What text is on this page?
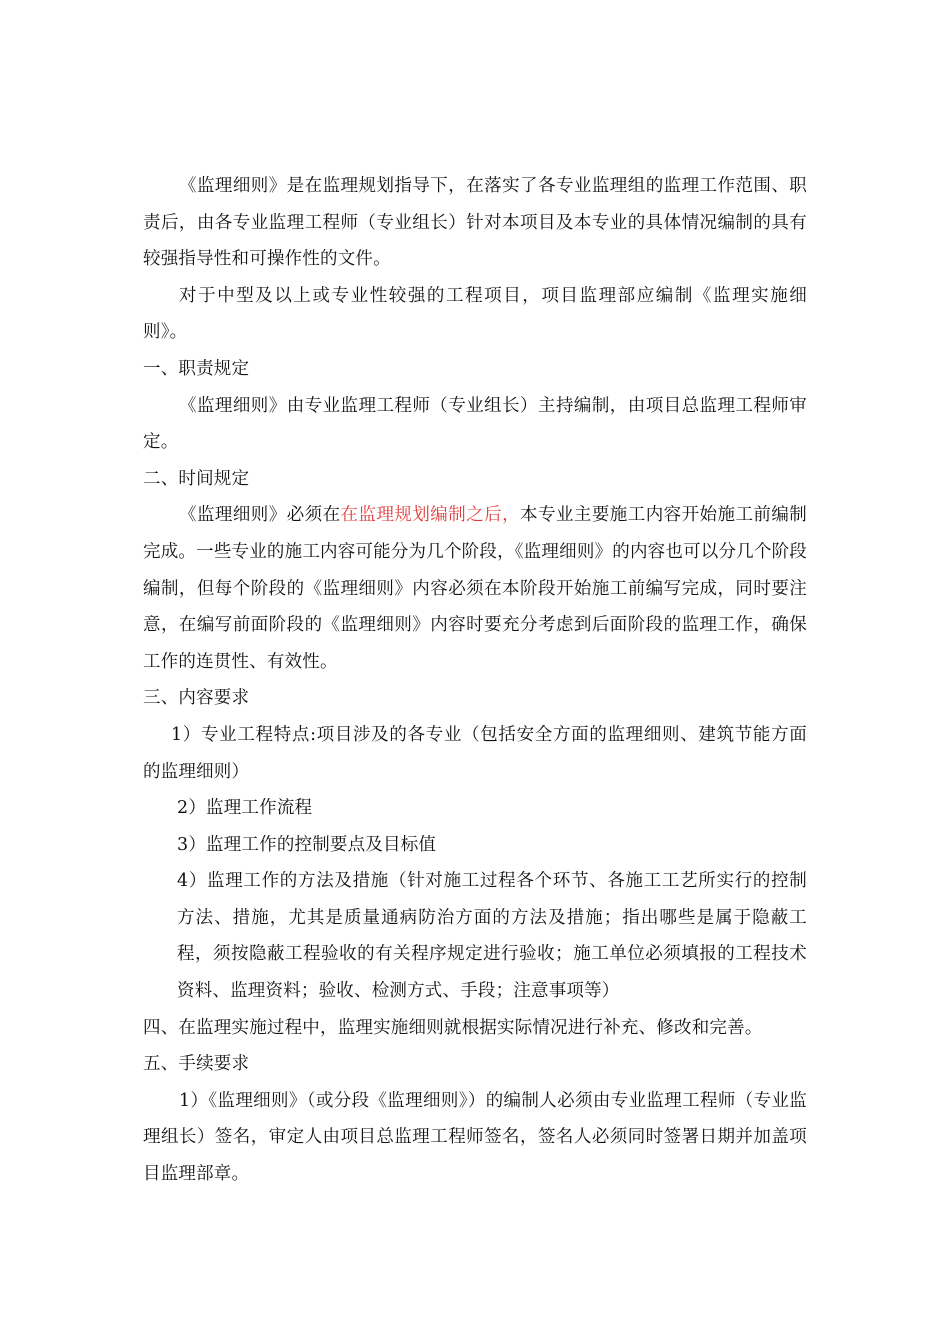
《监理细则》是在监理规划指导下，在落实了各专业监理组的监理工作范围、职责后，由各专业监理工程师（专业组长）针对本项目及本专业的具体情况编制的具有较强指导性和可操作性的文件。

对于中型及以上或专业性较强的工程项目，项目监理部应编制《监理实施细则》。

一、职责规定

《监理细则》由专业监理工程师（专业组长）主持编制，由项目总监理工程师审定。

二、时间规定

《监理细则》必须在在监理规划编制之后，本专业主要施工内容开始施工前编制完成。一些专业的施工内容可能分为几个阶段，《监理细则》的内容也可以分几个阶段编制，但每个阶段的《监理细则》内容必须在本阶段开始施工前编写完成，同时要注意，在编写前面阶段的《监理细则》内容时要充分考虑到后面阶段的监理工作，确保工作的连贯性、有效性。

三、内容要求

1）专业工程特点:项目涉及的各专业（包括安全方面的监理细则、建筑节能方面的监理细则）

2）监理工作流程

3）监理工作的控制要点及目标值

4）监理工作的方法及措施（针对施工过程各个环节、各施工工艺所实行的控制方法、措施，尤其是质量通病防治方面的方法及措施；指出哪些是属于隐蔽工程，须按隐蔽工程验收的有关程序规定进行验收；施工单位必须填报的工程技术资料、监理资料；验收、检测方式、手段；注意事项等）

四、在监理实施过程中，监理实施细则就根据实际情况进行补充、修改和完善。

五、手续要求

1）《监理细则》（或分段《监理细则》）的编制人必须由专业监理工程师（专业监理组长）签名，审定人由项目总监理工程师签名，签名人必须同时签署日期并加盖项目监理部章。
